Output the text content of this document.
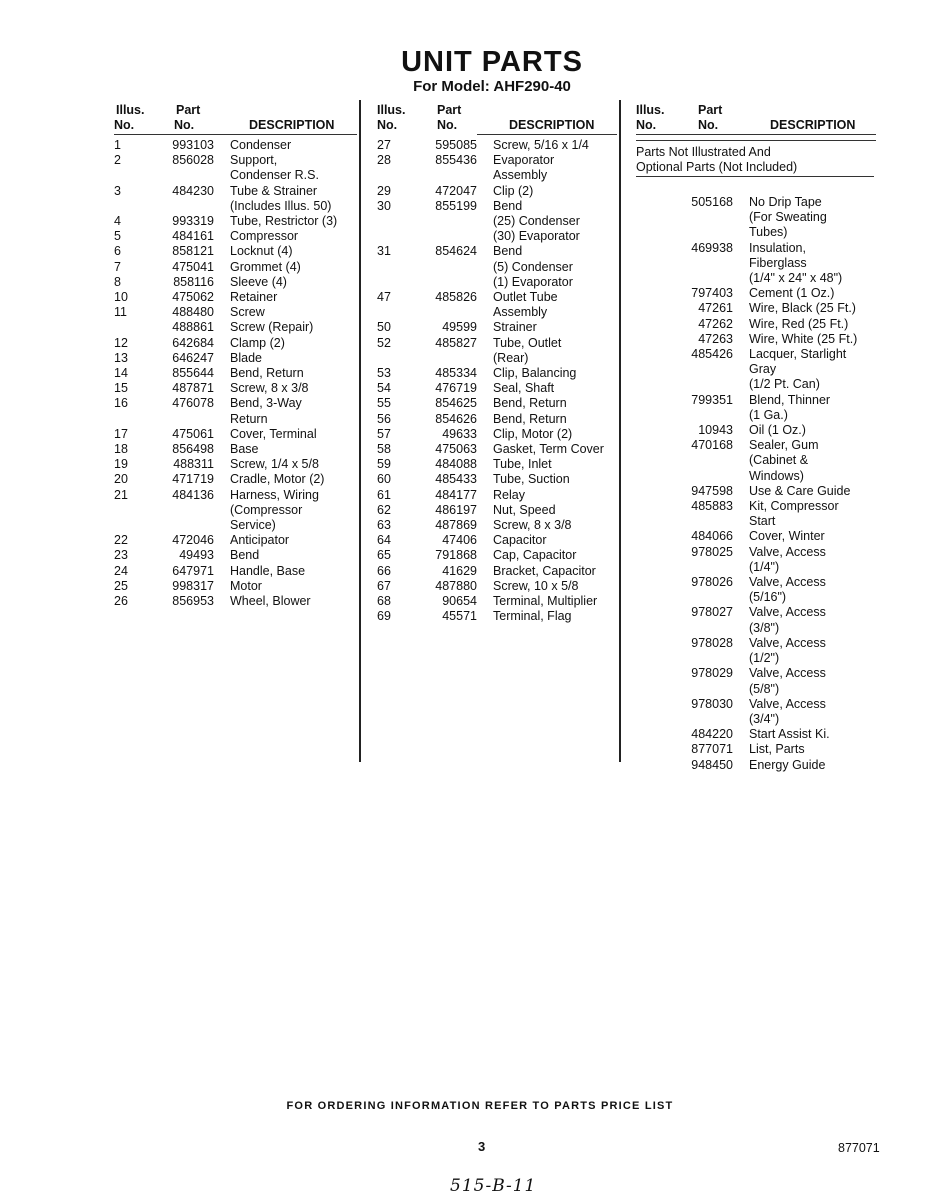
UNIT PARTS
For Model: AHF290-40
Illus.
No.
Part
No.	DESCRIPTION
Illus.
No.
Part
No.	DESCRIPTION
Illus.
No.
Part
No.	DESCRIPTION
Parts Not Illustrated And
Optional Parts (Not Included)
1	993103 Condenser
2	856028 Support,
Condenser R.S.
3	484230 Tube & Strainer
(Includes Illus. 50)
4	993319 Tube, Restrictor (3)
5	484161 Compressor
6	858121 Locknut (4)
7	475041 Grommet (4)
8	858116 Sleeve (4)
10	475062 Retainer
11	488480 Screw
488861 Screw (Repair)
12	642684 Clamp (2)
13	646247 Blade
14	855644 Bend, Return
15	487871 Screw, 8 x 3/8
16	476078 Bend, 3-Way
Return
17	475061 Cover, Terminal
18	856498 Base
19	488311 Screw, 1/4 x 5/8
20	471719 Cradle, Motor (2)
21	484136 Harness, Wiring
(Compressor
Service)
22	472046 Anticipator
23	49493 Bend
24	647971 Handle, Base
25	998317 Motor
26	856953 Wheel, Blower
27	595085 Screw, 5/16 x 1/4
28	855436 Evaporator
Assembly
29	472047 Clip (2)
30	855199 Bend
(25) Condenser
(30) Evaporator
31	854624 Bend
(5) Condenser
(1) Evaporator
47	485826 Outlet Tube
Assembly
50	49599 Strainer
52	485827 Tube, Outlet
(Rear)
53	485334 Clip, Balancing
54	476719 Seal, Shaft
55	854625 Bend, Return
56	854626 Bend, Return
57	49633 Clip, Motor (2)
58	475063 Gasket, Term Cover
59	484088 Tube, Inlet
60	485433 Tube, Suction
61	484177 Relay
62	486197 Nut, Speed
63	487869 Screw, 8 x 3/8
64	47406 Capacitor
65	791868 Cap, Capacitor
66	41629 Bracket, Capacitor
67	487880 Screw, 10 x 5/8
68	90654 Terminal, Multiplier
69	45571 Terminal, Flag
505168 No Drip Tape
(For Sweating
Tubes)
469938 Insulation,
Fiberglass
(1/4" x 24" x 48")
797403 Cement (1 Oz.)
47261 Wire, Black (25 Ft.)
47262 Wire, Red (25 Ft.)
47263 Wire, White (25 Ft.)
485426 Lacquer, Starlight
Gray
(1/2 Pt. Can)
799351 Blend, Thinner
(1 Ga.)
10943 Oil (1 Oz.)
470168 Sealer, Gum
(Cabinet &
Windows)
947598 Use & Care Guide
485883 Kit, Compressor
Start
484066 Cover, Winter
978025 Valve, Access
(1/4")
978026 Valve, Access
(5/16")
978027 Valve, Access
(3/8")
978028 Valve, Access
(1/2")
978029 Valve, Access
(5/8")
978030 Valve, Access
(3/4")
484220 Start Assist Ki.
877071 List, Parts
948450 Energy Guide
FOR ORDERING INFORMATION REFER TO PARTS PRICE LIST
3	877071
515-B-11
